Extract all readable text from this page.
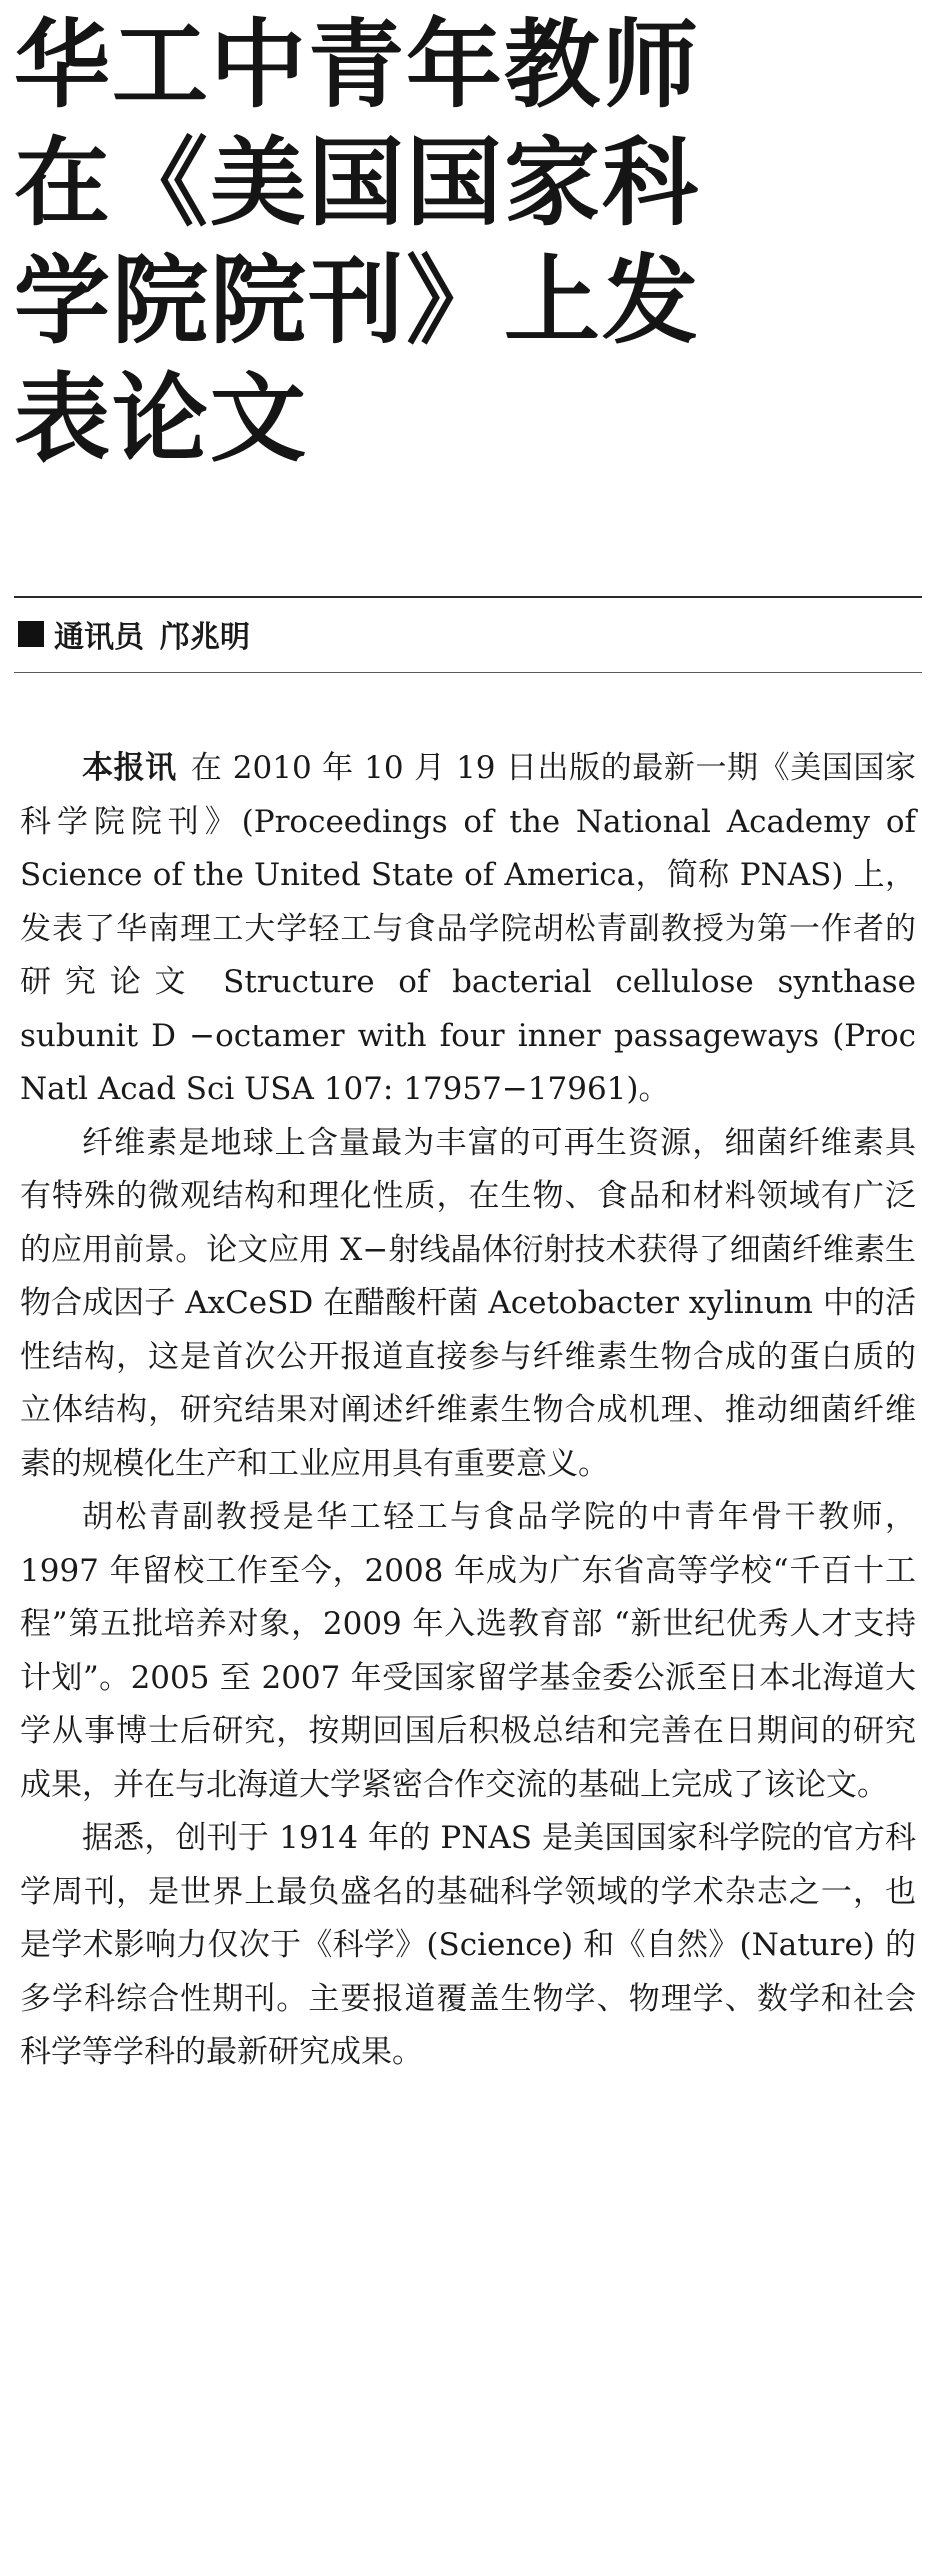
华工中青年教师
在《美国国家科
学院院刊》上发
表论文
通讯员 邝兆明

本报讯 在 2010 年 10 月 19 日出版的最新一期《美国国家科学院院刊》(Proceedings of the National Academy of Science of the United State of America，简称 PNAS) 上，发表了华南理工大学轻工与食品学院胡松青副教授为第一作者的研究论文 Structure of bacterial cellulose synthase subunit D −octamer with four inner passageways (Proc Natl Acad Sci USA 107: 17957−17961)。

纤维素是地球上含量最为丰富的可再生资源，细菌纤维素具有特殊的微观结构和理化性质，在生物、食品和材料领域有广泛的应用前景。论文应用 X−射线晶体衍射技术获得了细菌纤维素生物合成因子 AxCeSD 在醋酸杆菌 Acetobacter xylinum 中的活性结构，这是首次公开报道直接参与纤维素生物合成的蛋白质的立体结构，研究结果对阐述纤维素生物合成机理、推动细菌纤维素的规模化生产和工业应用具有重要意义。

胡松青副教授是华工轻工与食品学院的中青年骨干教师，1997 年留校工作至今，2008 年成为广东省高等学校“千百十工程”第五批培养对象，2009 年入选教育部 “新世纪优秀人才支持计划”。2005 至 2007 年受国家留学基金委公派至日本北海道大学从事博士后研究，按期回国后积极总结和完善在日期间的研究成果，并在与北海道大学紧密合作交流的基础上完成了该论文。

据悉，创刊于 1914 年的 PNAS 是美国国家科学院的官方科学周刊，是世界上最负盛名的基础科学领域的学术杂志之一，也是学术影响力仅次于《科学》(Science) 和《自然》(Nature) 的多学科综合性期刊。主要报道覆盖生物学、物理学、数学和社会科学等学科的最新研究成果。
